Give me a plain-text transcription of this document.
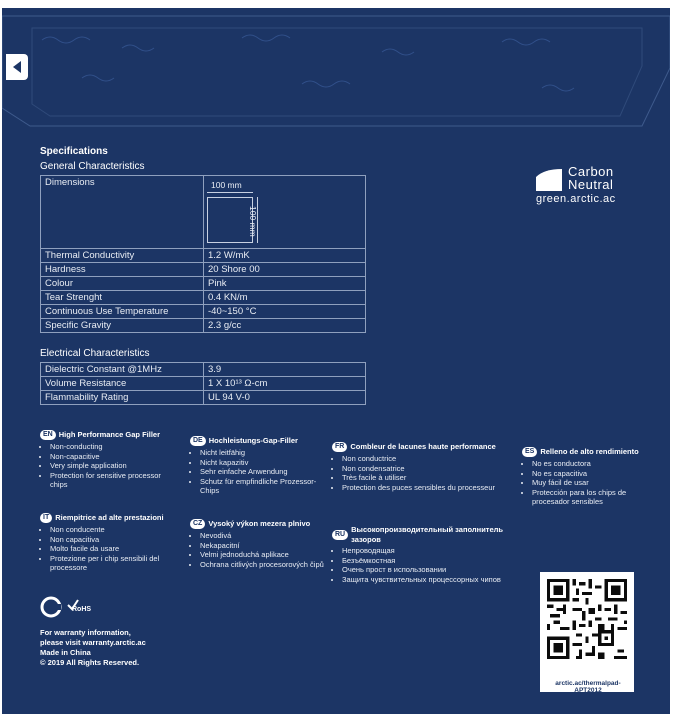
Specifications
General Characteristics
Dimensions	
Thermal Conductivity	1.2 W/mK
Hardness	20 Shore 00
Colour	Pink
Tear Strenght	0.4 KN/m
Continuous Use Temperature	-40~150 °C
Specific Gravity	2.3 g/cc
100 mm
100 mm
Electrical Characteristics
Dielectric Constant @1MHz	3.9
Volume Resistance	1 X 10¹³ Ω-cm
Flammability Rating	UL 94 V-0
Carbon
Neutral
green.arctic.ac
EN High Performance Gap Filler
• Non-conducting
• Non-capacitive
• Very simple application
• Protection for sensitive processor chips
DE Hochleistungs-Gap-Filler
• Nicht leitfähig
• Nicht kapazitiv
• Sehr einfache Anwendung
• Schutz für empfindliche Prozessor-Chips
FR Combleur de lacunes haute performance
• Non conductrice
• Non condensatrice
• Très facile à utiliser
• Protection des puces sensibles du processeur
ES Relleno de alto rendimiento
• No es conductora
• No es capacitiva
• Muy fácil de usar
• Protección para los chips de procesador sensibles
IT Riempitrice ad alte prestazioni
• Non conducente
• Non capacitiva
• Molto facile da usare
• Protezione per i chip sensibili del processore
CZ Vysoký výkon mezera plnivo
• Nevodivá
• Nekapacitní
• Velmi jednoduchá aplikace
• Ochrana citlivých procesorových čipů
RU Высокопроизводительный заполнитель зазоров
• Непроводящая
• Безъёмкостная
• Очень прост в использовании
• Защита чувствительных процессорных чипов
RoHS
For warranty information,
please visit warranty.arctic.ac
Made in China
© 2019 All Rights Reserved.
arctic.ac/thermalpad-APT2012
